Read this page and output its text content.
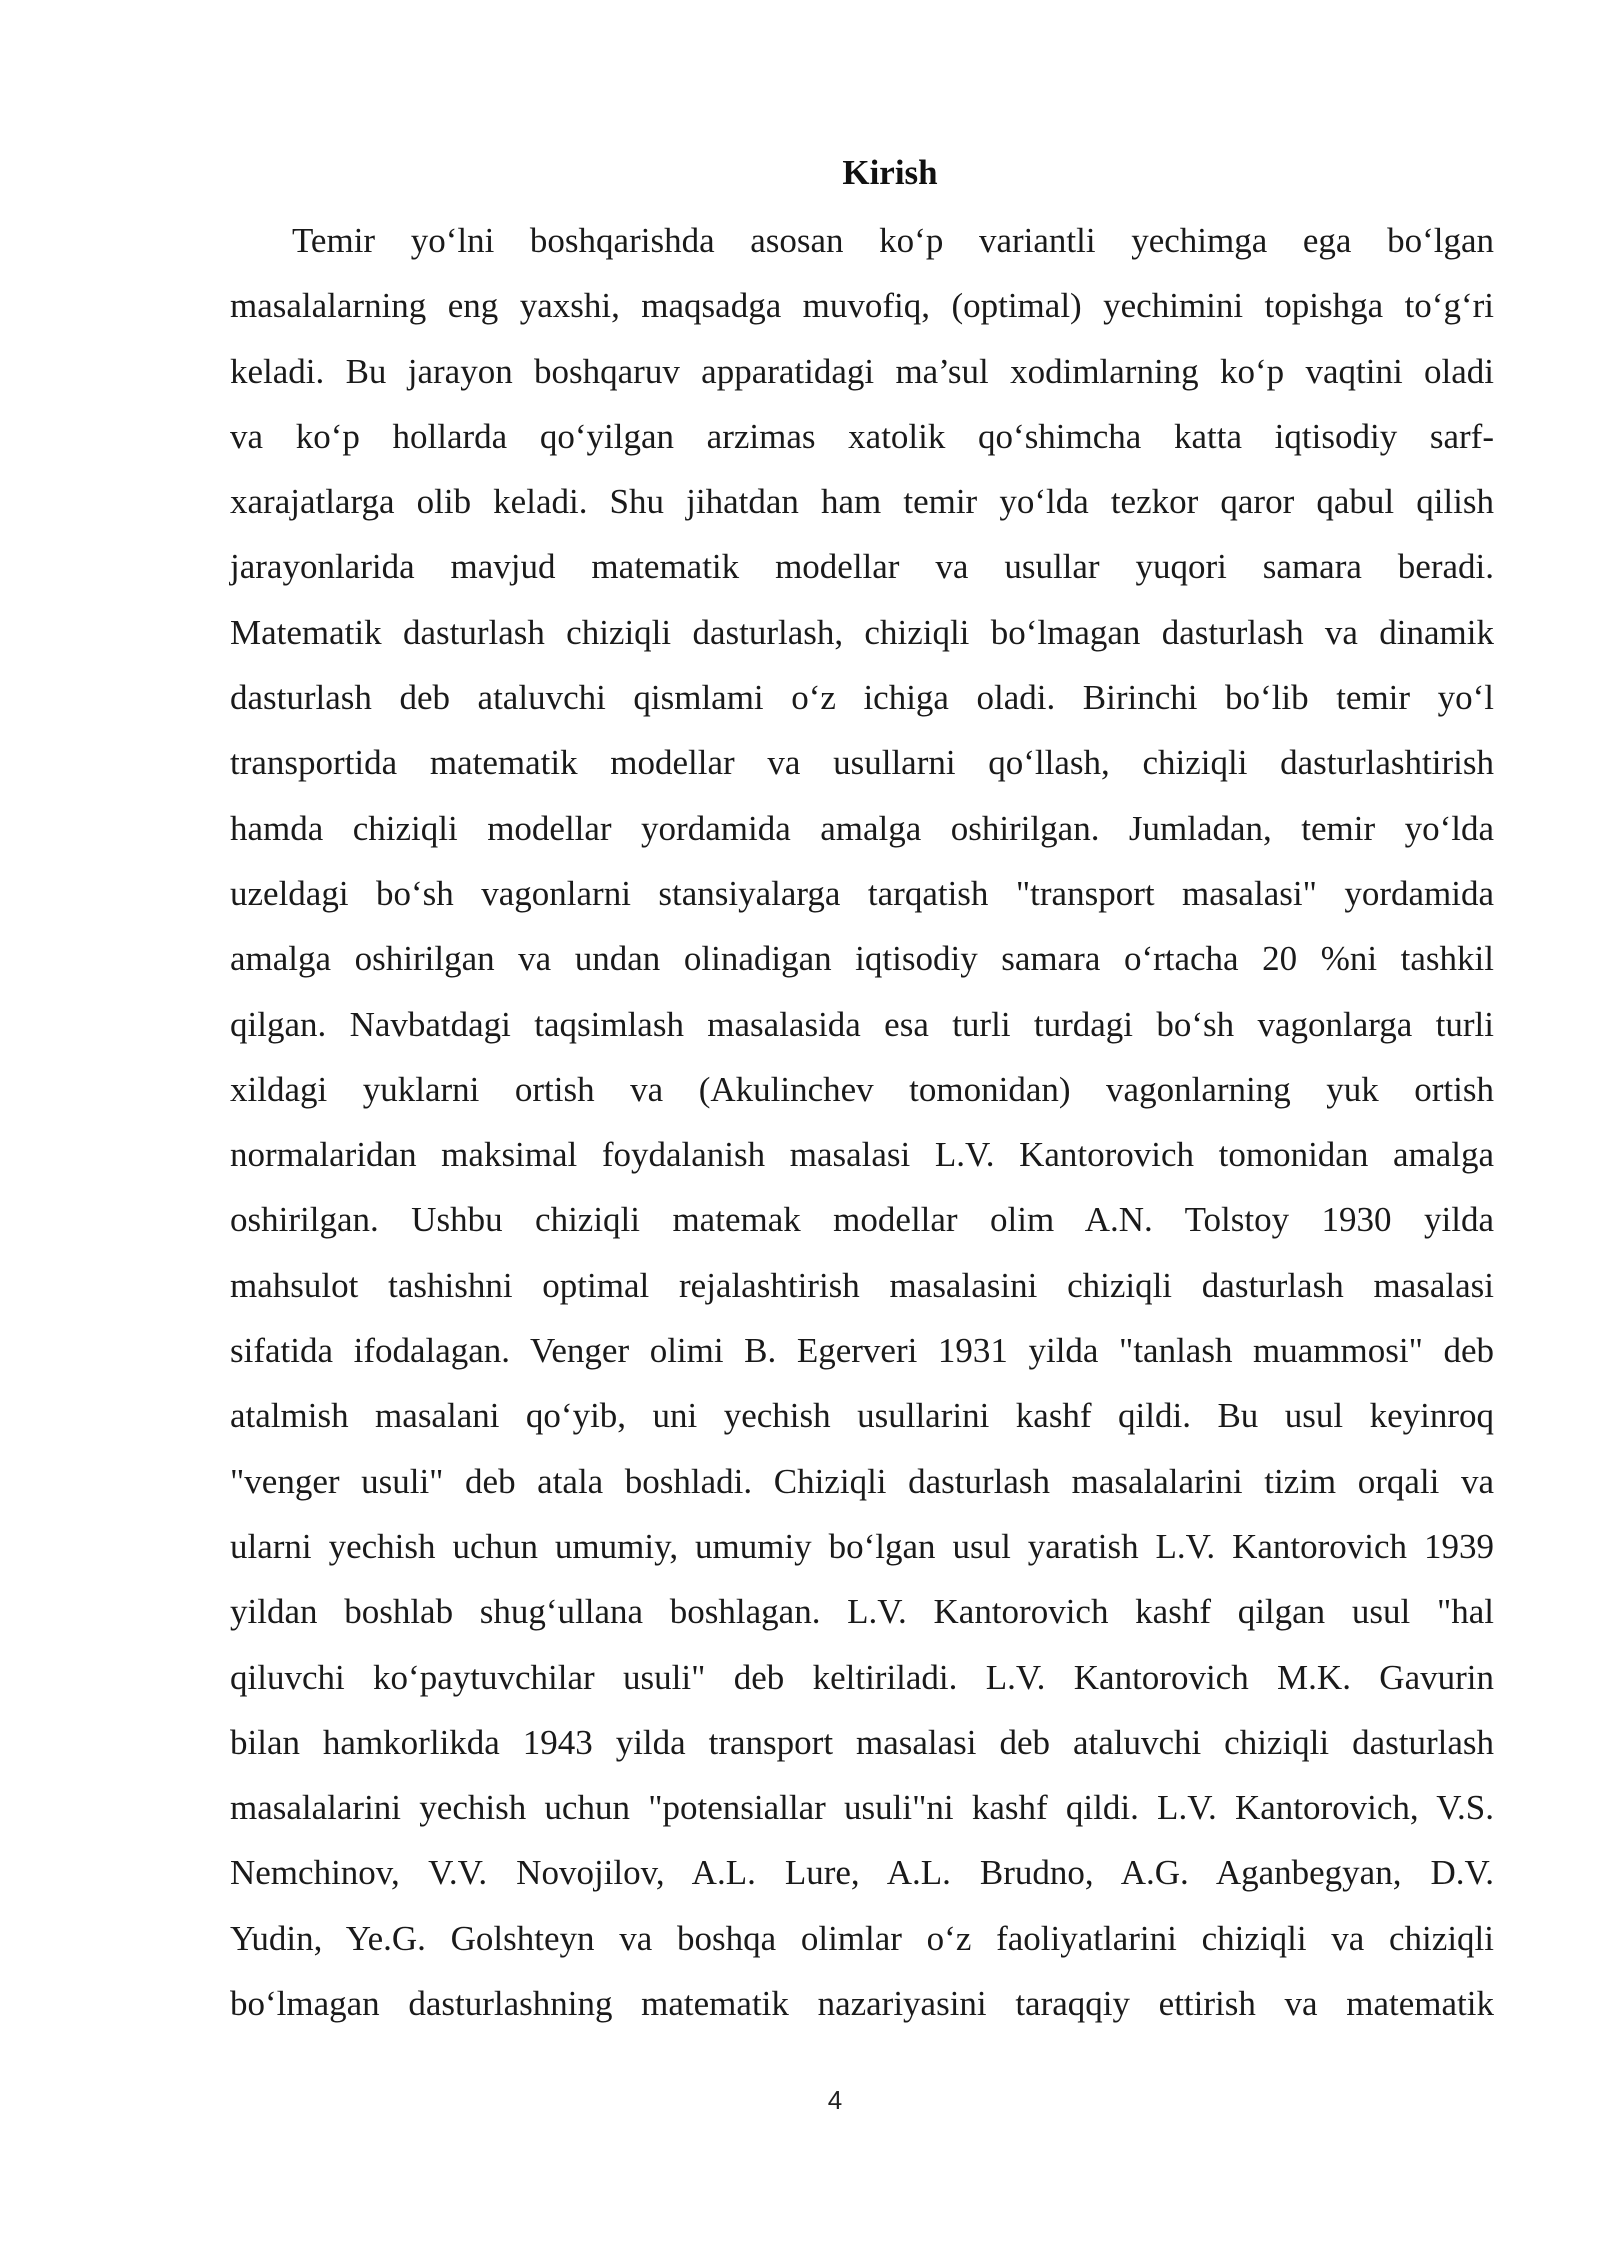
Kirish
Temir yo‘lni boshqarishda asosan ko‘p variantli yechimga ega bo‘lgan
masalalarning eng yaxshi, maqsadga muvofiq, (optimal) yechimini topishga to‘g‘ri
keladi. Bu jarayon boshqaruv apparatidagi ma’sul xodimlarning ko‘p vaqtini oladi
va ko‘p hollarda qo‘yilgan arzimas xatolik qo‘shimcha katta iqtisodiy sarf-
xarajatlarga olib keladi. Shu jihatdan ham temir yo‘lda tezkor qaror qabul qilish
jarayonlarida mavjud matematik modellar va usullar yuqori samara beradi.
Matematik dasturlash chiziqli dasturlash, chiziqli bo‘lmagan dasturlash va dinamik
dasturlash deb ataluvchi qismlami o‘z ichiga oladi. Birinchi bo‘lib temir yo‘l
transportida matematik modellar va usullarni qo‘llash, chiziqli dasturlashtirish
hamda chiziqli modellar yordamida amalga oshirilgan. Jumladan, temir yo‘lda
uzeldagi bo‘sh vagonlarni stansiyalarga tarqatish "transport masalasi" yordamida
amalga oshirilgan va undan olinadigan iqtisodiy samara o‘rtacha 20 %ni tashkil
qilgan. Navbatdagi taqsimlash masalasida esa turli turdagi bo‘sh vagonlarga turli
xildagi yuklarni ortish va (Akulinchev tomonidan) vagonlarning yuk ortish
normalaridan maksimal foydalanish masalasi L.V. Kantorovich tomonidan amalga
oshirilgan. Ushbu chiziqli matemak modellar olim A.N. Tolstoy 1930 yilda
mahsulot tashishni optimal rejalashtirish masalasini chiziqli dasturlash masalasi
sifatida ifodalagan. Venger olimi B. Egerveri 1931 yilda "tanlash muammosi" deb
atalmish masalani qo‘yib, uni yechish usullarini kashf qildi. Bu usul keyinroq
"venger usuli" deb atala boshladi. Chiziqli dasturlash masalalarini tizim orqali va
ularni yechish uchun umumiy, umumiy bo‘lgan usul yaratish L.V. Kantorovich 1939
yildan boshlab shug‘ullana boshlagan. L.V. Kantorovich kashf qilgan usul "hal
qiluvchi ko‘paytuvchilar usuli" deb keltiriladi. L.V. Kantorovich M.K. Gavurin
bilan hamkorlikda 1943 yilda transport masalasi deb ataluvchi chiziqli dasturlash
masalalarini yechish uchun "potensiallar usuli"ni kashf qildi. L.V. Kantorovich, V.S.
Nemchinov, V.V. Novojilov, A.L. Lure, A.L. Brudno, A.G. Aganbegyan, D.V.
Yudin, Ye.G. Golshteyn va boshqa olimlar o‘z faoliyatlarini chiziqli va chiziqli
bo‘lmagan dasturlashning matematik nazariyasini taraqqiy ettirish va matematik
4
